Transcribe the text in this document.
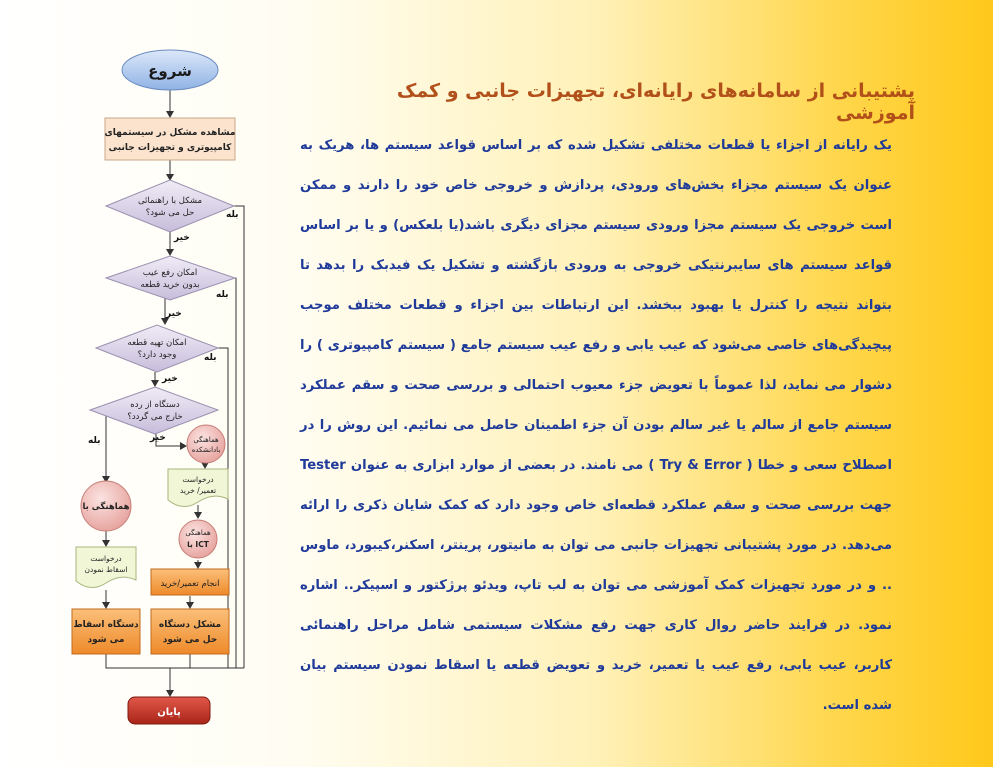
شروع
مشاهده مشکل در سیستمهای
کامپیوتری و تجهیزات جانبی
مشکل با راهنمائی
حل می شود؟
امکان رفع عیب
بدون خرید قطعه
امکان تهیه قطعه
وجود دارد؟
دستگاه از رده
خارج می گردد؟
هماهنگی
بادانشکده
درخواست
تعمیر/ خرید
هماهنگی
با ICT
انجام تعمیر/خرید
مشکل دستگاه
حل می شود
هماهنگی با
درخواست
اسقاط نمودن
دستگاه اسقاط
می شود
پایان
بله
خیر
بله
خیر
بله
خیر
خیر
بله
پشتیبانی از سامانه‌های رایانه‌ای، تجهیزات جانبی و کمک آموزشی

یک رایانه از اجزاء یا قطعات مختلفی تشکیل شده که بر اساس قواعد سیستم ها، هریک به عنوان یک سیستم مجزاء بخش‌های ورودی، پردازش و خروجی خاص خود را دارند و ممکن است خروجی یک سیستم مجزا ورودی سیستم مجزای دیگری باشد(یا بلعکس) و یا بر اساس قواعد سیستم های سایبرنتیکی خروجی به ورودی بازگشته و تشکیل یک فیدبک را بدهد تا بتواند نتیجه را کنترل یا بهبود ببخشد. این ارتباطات بین اجزاء و قطعات مختلف موجب پیچیدگی‌های خاصی می‌شود که عیب یابی و رفع عیب سیستم جامع ( سیستم کامپیوتری ) را دشوار می نماید، لذا عموماً با تعویض جزء معیوب احتمالی و بررسی صحت و سقم عملکرد سیستم جامع از سالم یا غیر سالم بودن آن جزء اطمینان حاصل می نمائیم. این روش را در اصطلاح سعی و خطا ( Try & Error ) می نامند. در بعضی از موارد ابزاری به عنوان Tester جهت بررسی صحت و سقم عملکرد قطعه‌ای خاص وجود دارد که کمک شایان ذکری را ارائه می‌دهد. در مورد پشتیبانی تجهیزات جانبی می توان به مانیتور، پرینتر، اسکنر،کیبورد، ماوس .. و در مورد تجهیزات کمک آموزشی می توان به لب تاپ، ویدئو پرژکتور و اسپیکر.. اشاره نمود. در فرایند حاضر روال کاری جهت رفع مشکلات سیستمی شامل مراحل راهنمائی کاربر، عیب یابی، رفع عیب یا تعمیر، خرید و تعویض قطعه یا اسقاط نمودن سیستم بیان شده است.
